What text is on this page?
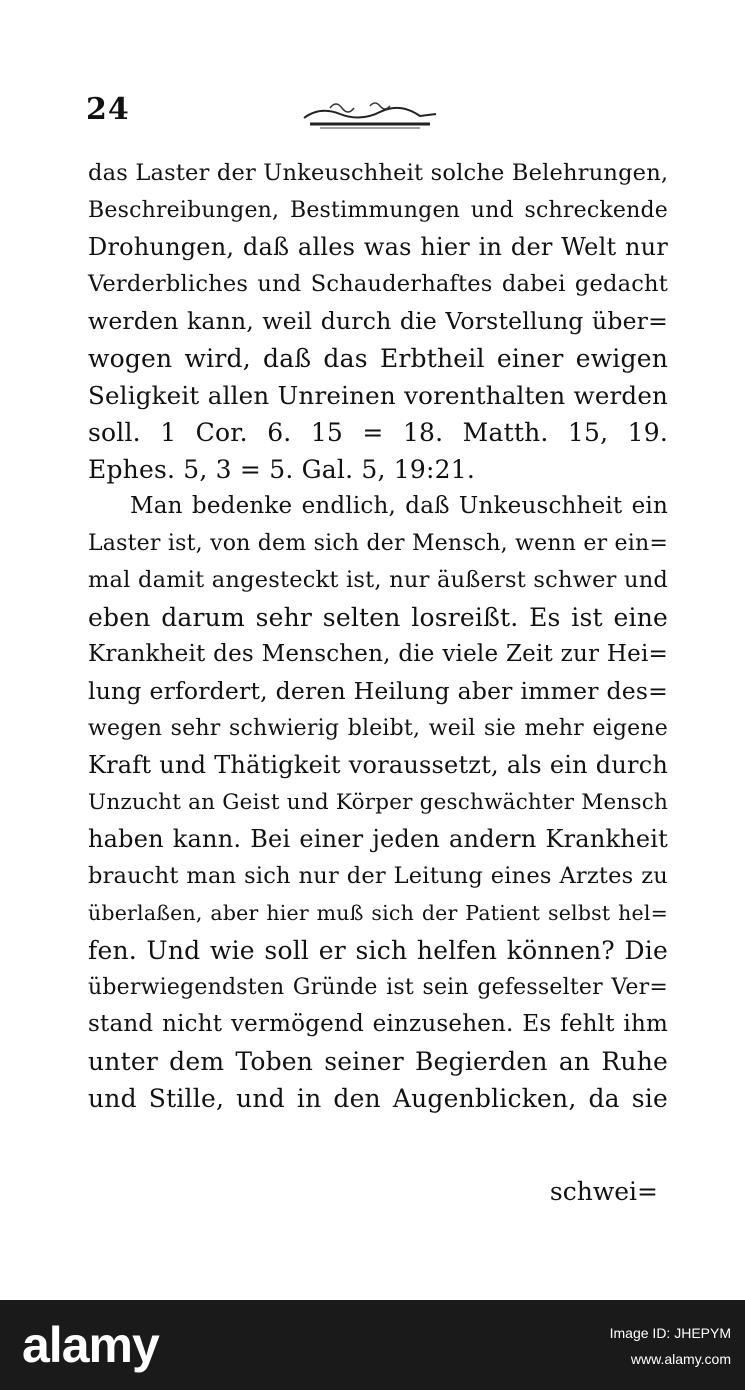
24
das Laster der Unkeuschheit solche Belehrungen,
Beschreibungen, Bestimmungen und schreckende
Drohungen, daß alles was hier in der Welt nur
Verderbliches und Schauderhaftes dabei gedacht
werden kann, weil durch die Vorstellung über=
wogen wird, daß das Erbtheil einer ewigen
Seligkeit allen Unreinen vorenthalten werden
soll. 1 Cor. 6. 15 = 18. Matth. 15, 19.
Ephes. 5, 3 = 5. Gal. 5, 19:21.
Man bedenke endlich, daß Unkeuschheit ein
Laster ist, von dem sich der Mensch, wenn er ein=
mal damit angesteckt ist, nur äußerst schwer und
eben darum sehr selten losreißt. Es ist eine
Krankheit des Menschen, die viele Zeit zur Hei=
lung erfordert, deren Heilung aber immer des=
wegen sehr schwierig bleibt, weil sie mehr eigene
Kraft und Thätigkeit voraussetzt, als ein durch
Unzucht an Geist und Körper geschwächter Mensch
haben kann. Bei einer jeden andern Krankheit
braucht man sich nur der Leitung eines Arztes zu
überlaßen, aber hier muß sich der Patient selbst hel=
fen. Und wie soll er sich helfen können? Die
überwiegendsten Gründe ist sein gefesselter Ver=
stand nicht vermögend einzusehen. Es fehlt ihm
unter dem Toben seiner Begierden an Ruhe
und Stille, und in den Augenblicken, da sie
schwei=
alamy	Image ID: JHEPYM
www.alamy.com
